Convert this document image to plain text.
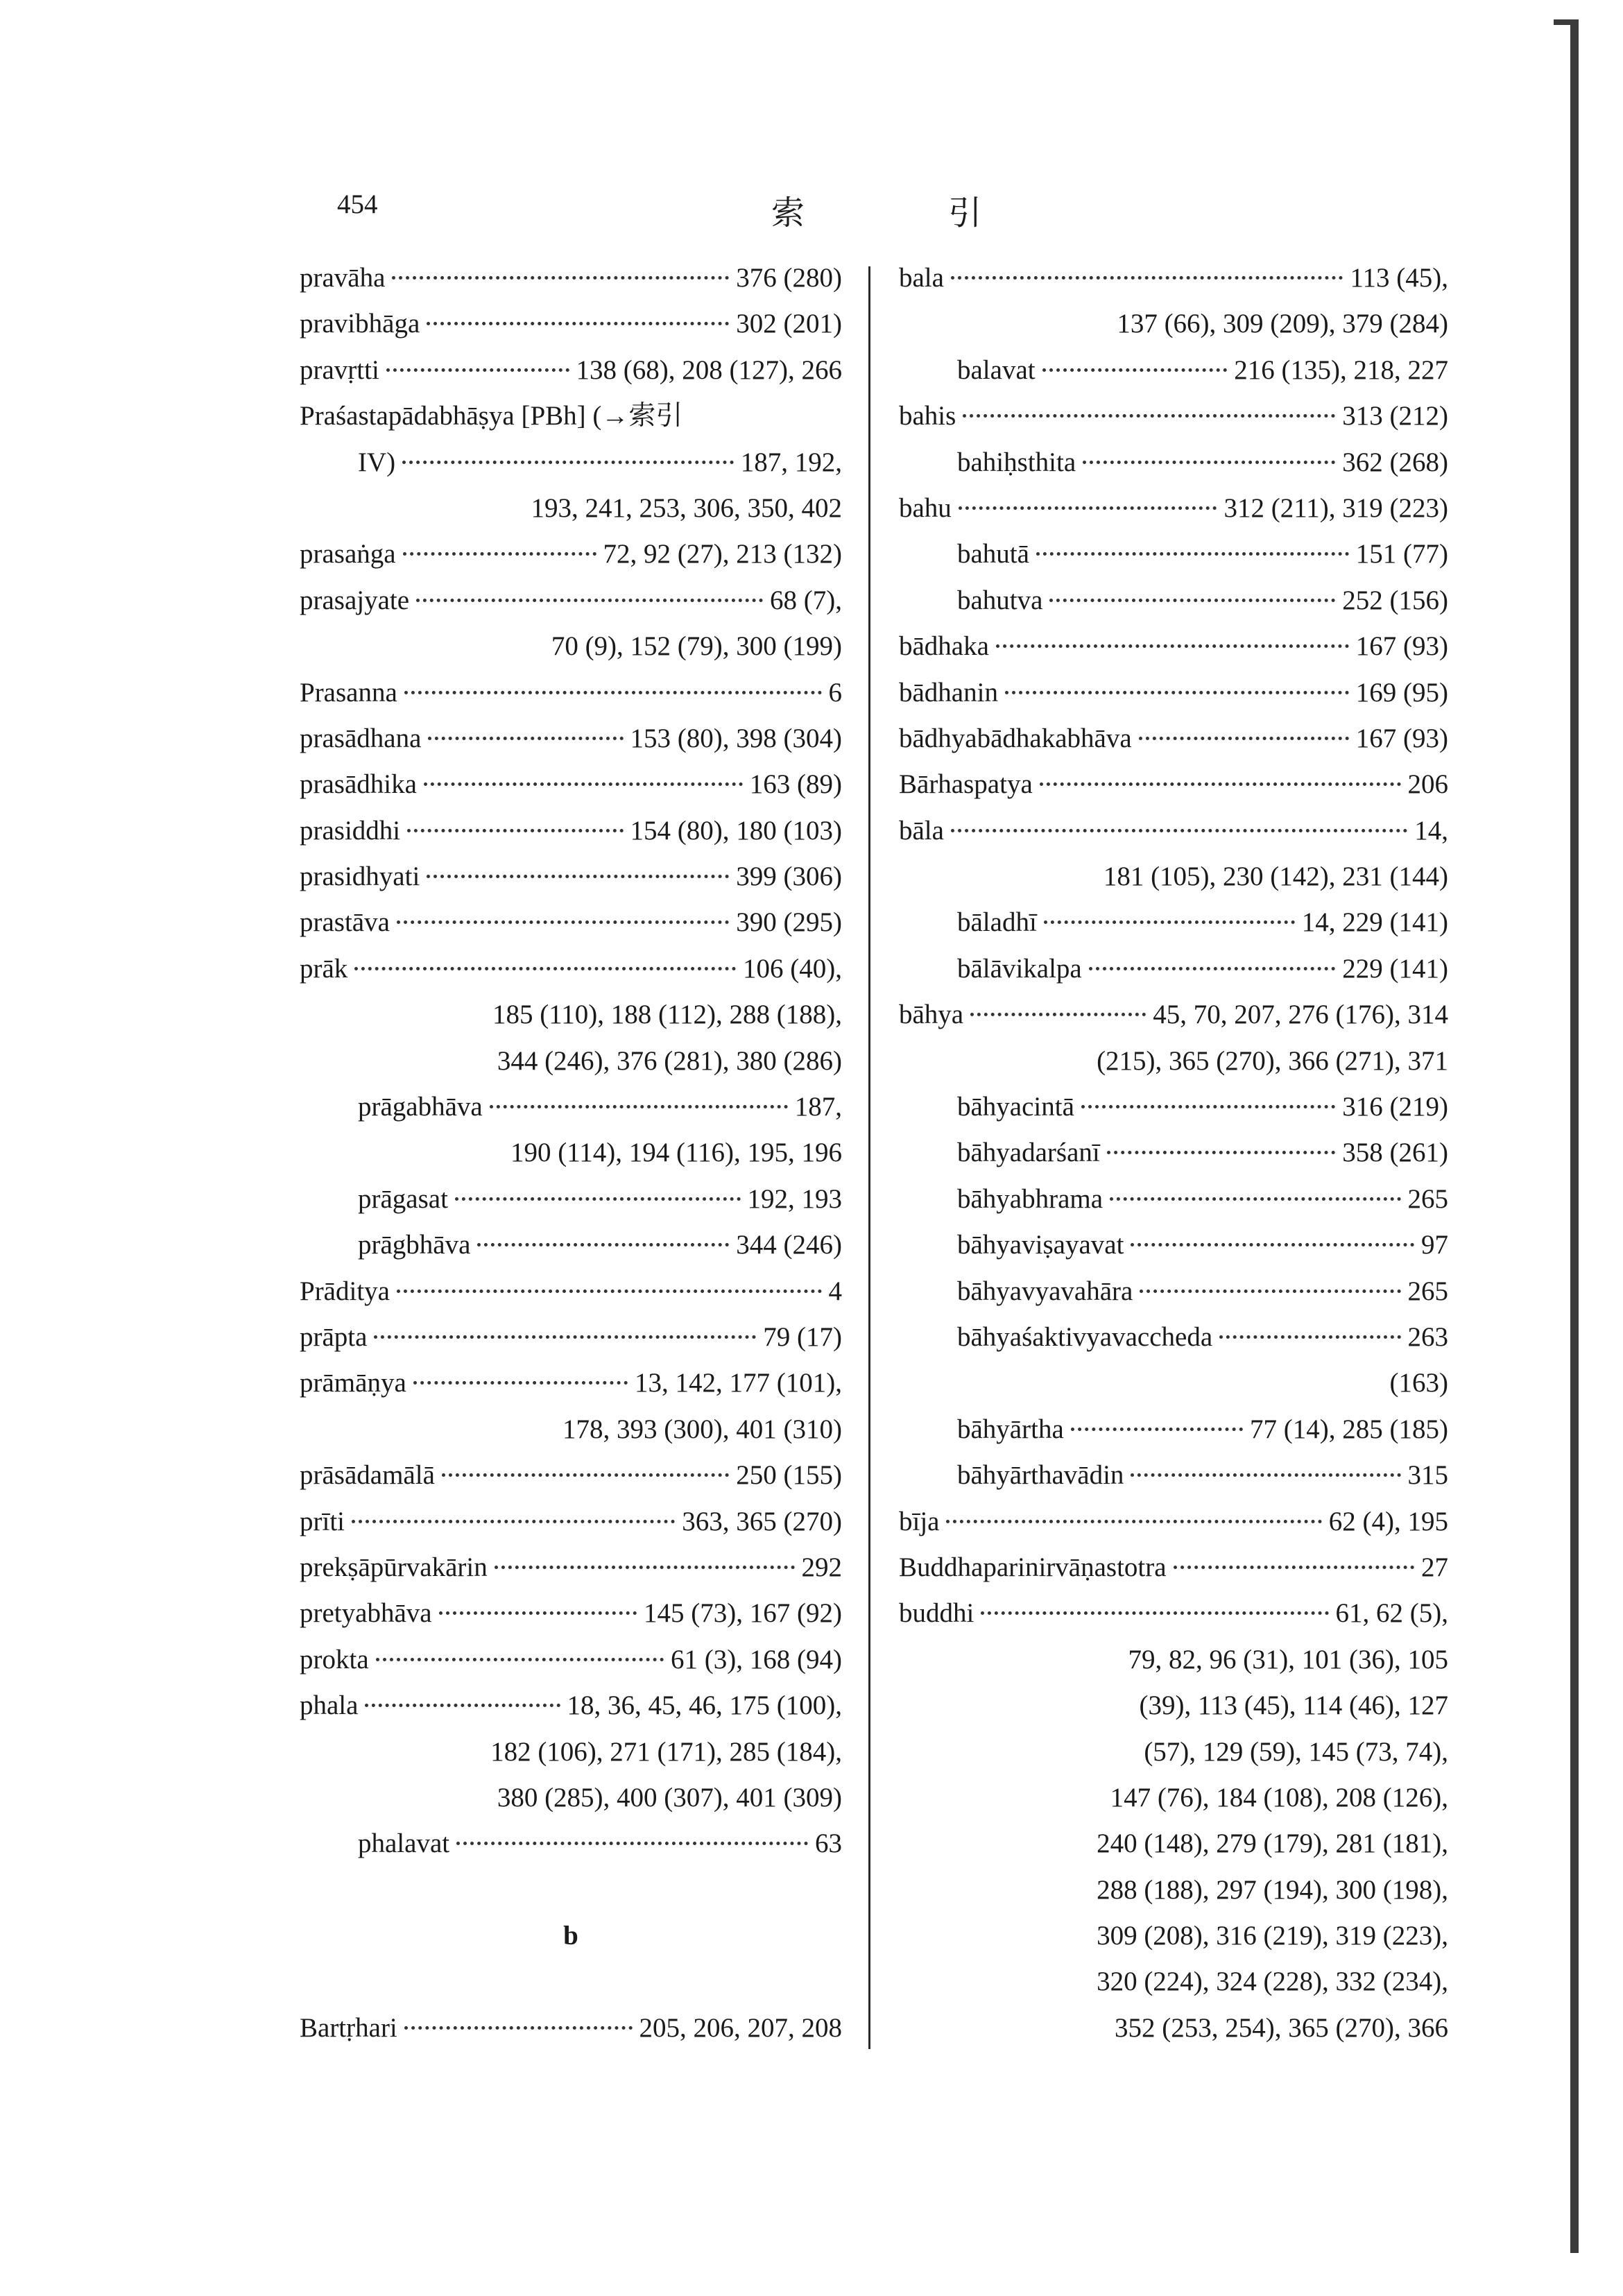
454	索 引
pravāha	376 (280)
pravibhāga	302 (201)
pravṛtti	138 (68), 208 (127), 266
Praśastapādabhāṣya [PBh] (→索引
IV)	187, 192,
193, 241, 253, 306, 350, 402
prasaṅga	72, 92 (27), 213 (132)
prasajyate	68 (7),
70 (9), 152 (79), 300 (199)
Prasanna	6
prasādhana	153 (80), 398 (304)
prasādhika	163 (89)
prasiddhi	154 (80), 180 (103)
prasidhyati	399 (306)
prastāva	390 (295)
prāk	106 (40),
185 (110), 188 (112), 288 (188),
344 (246), 376 (281), 380 (286)
prāgabhāva	187,
190 (114), 194 (116), 195, 196
prāgasat	192, 193
prāgbhāva	344 (246)
Prāditya	4
prāpta	79 (17)
prāmāṇya	13, 142, 177 (101),
178, 393 (300), 401 (310)
prāsādamālā	250 (155)
prīti	363, 365 (270)
prekṣāpūrvakārin	292
pretyabhāva	145 (73), 167 (92)
prokta	61 (3), 168 (94)
phala	18, 36, 45, 46, 175 (100),
182 (106), 271 (171), 285 (184),
380 (285), 400 (307), 401 (309)
phalavat	63
b
Bartṛhari	205, 206, 207, 208
bala	113 (45),
137 (66), 309 (209), 379 (284)
balavat	216 (135), 218, 227
bahis	313 (212)
bahiḥsthita	362 (268)
bahu	312 (211), 319 (223)
bahutā	151 (77)
bahutva	252 (156)
bādhaka	167 (93)
bādhanin	169 (95)
bādhyabādhakabhāva	167 (93)
Bārhaspatya	206
bāla	14,
181 (105), 230 (142), 231 (144)
bāladhī	14, 229 (141)
bālāvikalpa	229 (141)
bāhya	45, 70, 207, 276 (176), 314
(215), 365 (270), 366 (271), 371
bāhyacintā	316 (219)
bāhyadarśanī	358 (261)
bāhyabhrama	265
bāhyaviṣayavat	97
bāhyavyavahāra	265
bāhyaśaktivyavaccheda	263
(163)
bāhyārtha	77 (14), 285 (185)
bāhyārthavādin	315
bīja	62 (4), 195
Buddhaparinirvāṇastotra	27
buddhi	61, 62 (5),
79, 82, 96 (31), 101 (36), 105
(39), 113 (45), 114 (46), 127
(57), 129 (59), 145 (73, 74),
147 (76), 184 (108), 208 (126),
240 (148), 279 (179), 281 (181),
288 (188), 297 (194), 300 (198),
309 (208), 316 (219), 319 (223),
320 (224), 324 (228), 332 (234),
352 (253, 254), 365 (270), 366
